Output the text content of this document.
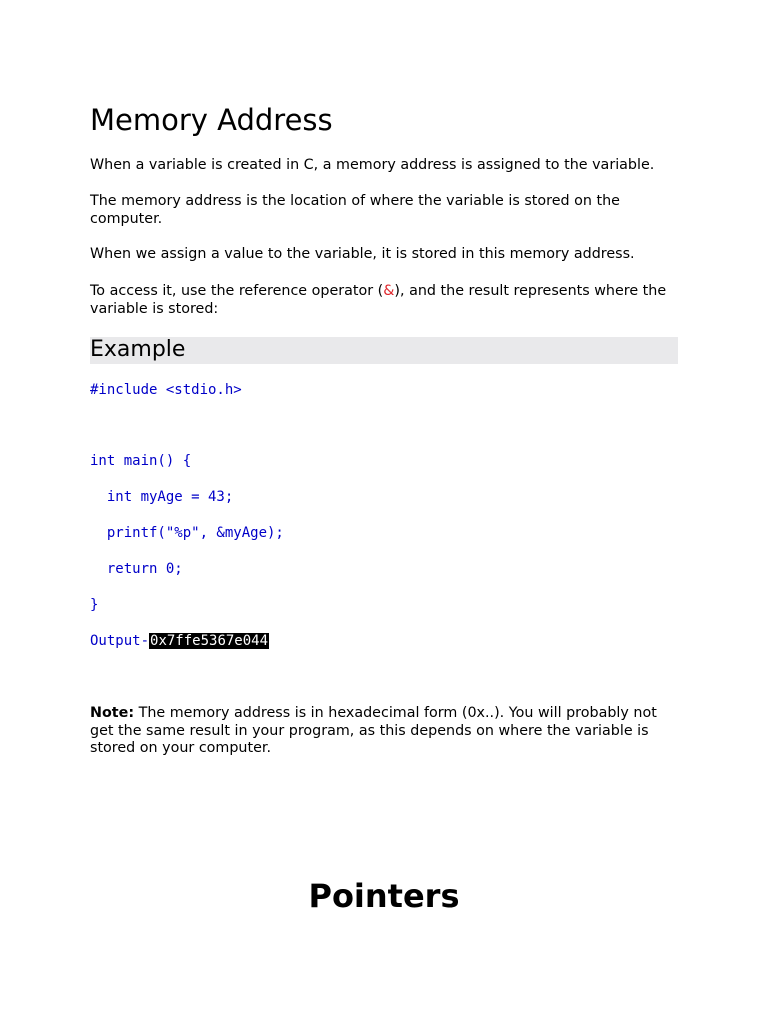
Memory Address

When a variable is created in C, a memory address is assigned to the variable.

The memory address is the location of where the variable is stored on the computer.

When we assign a value to the variable, it is stored in this memory address.

To access it, use the reference operator (&), and the result represents where the variable is stored:

Example
#include <stdio.h>
int main() {
int myAge = 43;
printf("%p", &myAge);
return 0;
}
Output-0x7ffe5367e044

Note: The memory address is in hexadecimal form (0x..). You will probably not get the same result in your program, as this depends on where the variable is stored on your computer.

Pointers
